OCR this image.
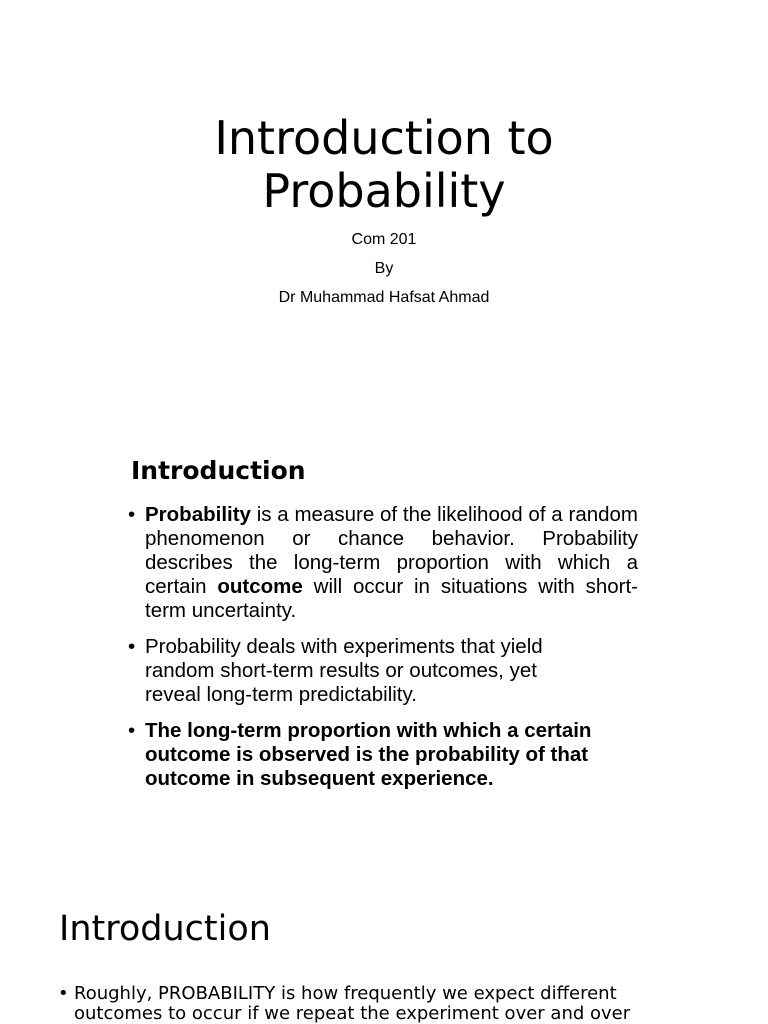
Introduction to
Probability
Com 201
By
Dr Muhammad Hafsat Ahmad
Introduction
• Probability is a measure of the likelihood of a random phenomenon or chance behavior. Probability describes the long-term proportion with which a certain outcome will occur in situations with short-term uncertainty.
• Probability deals with experiments that yield random short-term results or outcomes, yet reveal long-term predictability.
• The long-term proportion with which a certain outcome is observed is the probability of that outcome in subsequent experience.
Introduction
• Roughly, PROBABILITY is how frequently we expect different outcomes to occur if we repeat the experiment over and over
